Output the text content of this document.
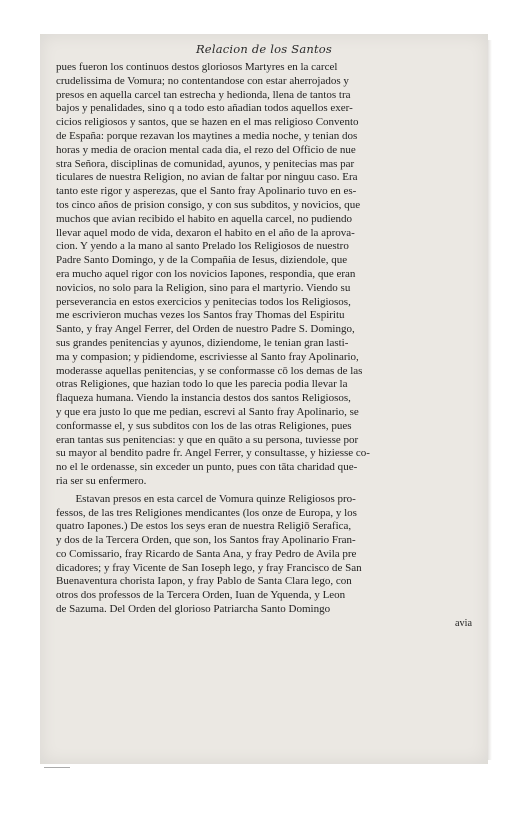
Relacion de los Santos
pues fueron los continuos destos gloriosos Martyres en la carcel
crudelissima de Vomura; no contentandose con estar aherrojados y
presos en aquella carcel tan estrecha y hedionda, llena de tantos tra
bajos y penalidades, sino q a todo esto añadian todos aquellos exer-
cicios religiosos y santos, que se hazen en el mas religioso Convento
de España: porque rezavan los maytines a media noche, y tenian dos
horas y media de oracion mental cada dia, el rezo del Officio de nue
stra Señora, disciplinas de comunidad, ayunos, y penitecias mas par
ticulares de nuestra Religion, no avian de faltar por ninguu caso. Era
tanto este rigor y asperezas, que el Santo fray Apolinario tuvo en es-
tos cinco años de prision consigo, y con sus subditos, y novicios, que
muchos que avian recibido el habito en aquella carcel, no pudiendo
llevar aquel modo de vida, dexaron el habito en el año de la aprova-
cion. Y yendo a la mano al santo Prelado los Religiosos de nuestro
Padre Santo Domingo, y de la Compañia de Iesus, diziendole, que
era mucho aquel rigor con los novicios Iapones, respondia, que eran
novicios, no solo para la Religion, sino para el martyrio. Viendo su
perseverancia en estos exercicios y penitecias todos los Religiosos,
me escrivieron muchas vezes los Santos fray Thomas del Espiritu
Santo, y fray Angel Ferrer, del Orden de nuestro Padre S. Domingo,
sus grandes penitencias y ayunos, diziendome, le tenian gran lasti-
ma y compasion; y pidiendome, escriviesse al Santo fray Apolinario,
moderasse aquellas penitencias, y se conformasse cō los demas de las
otras Religiones, que hazian todo lo que les parecia podia llevar la
flaqueza humana. Viendo la instancia destos dos santos Religiosos,
y que era justo lo que me pedian, escrevi al Santo fray Apolinario, se
conformasse el, y sus subditos con los de las otras Religiones, pues
eran tantas sus penitencias: y que en quāto a su persona, tuviesse por
su mayor al bendito padre fr. Angel Ferrer, y consultasse, y hiziesse co-
no el le ordenasse, sin exceder un punto, pues con tāta charidad que-
ria ser su enfermero.
Estavan presos en esta carcel de Vomura quinze Religiosos pro-
fessos, de las tres Religiones mendicantes (los onze de Europa, y los
quatro Iapones.) De estos los seys eran de nuestra Religiō Serafica,
y dos de la Tercera Orden, que son, los Santos fray Apolinario Fran-
co Comissario, fray Ricardo de Santa Ana, y fray Pedro de Avila pre
dicadores; y fray Vicente de San Ioseph lego, y fray Francisco de San
Buenaventura chorista Iapon, y fray Pablo de Santa Clara lego, con
otros dos professos de la Tercera Orden, Iuan de Yquenda, y Leon
de Sazuma. Del Orden del glorioso Patriarcha Santo Domingo
avia
